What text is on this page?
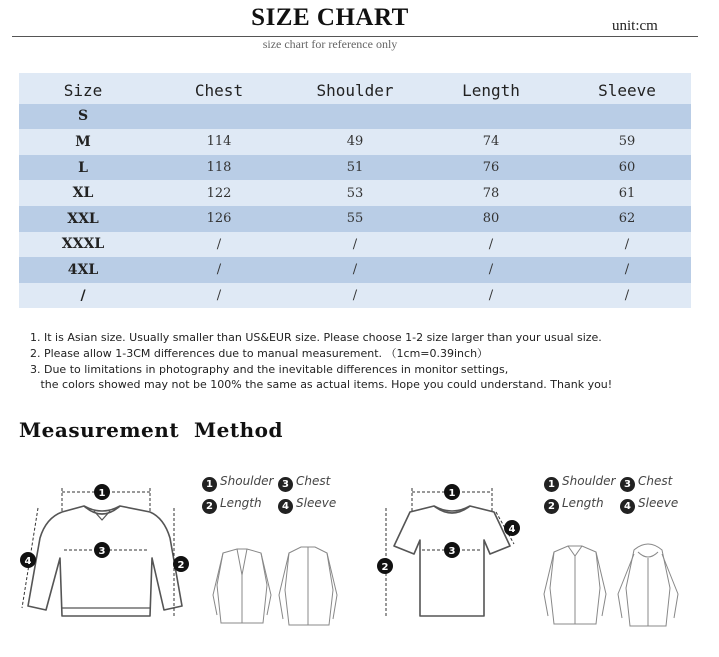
SIZE CHART	unit:cm
size chart for reference only
Size	Chest	Shoulder	Length	Sleeve
S				
M	114	49	74	59
L	118	51	76	60
XL	122	53	78	61
XXL	126	55	80	62
XXXL	/	/	/	/
4XL	/	/	/	/
/	/	/	/	/
1. It is Asian size. Usually smaller than US&EUR size. Please choose 1-2 size larger than your usual size.
2. Please allow 1-3CM differences due to manual measurement. （1cm=0.39inch）
3. Due to limitations in photography and the inevitable differences in monitor settings,
the colors showed may not be 100% the same as actual items. Hope you could understand. Thank you!
Measurement  Method
1 Shoulder 3 Chest
2 Length	4 Sleeve
1 Shoulder 3 Chest
2 Length	4 Sleeve
1
3
2
4
1
3
4
2
